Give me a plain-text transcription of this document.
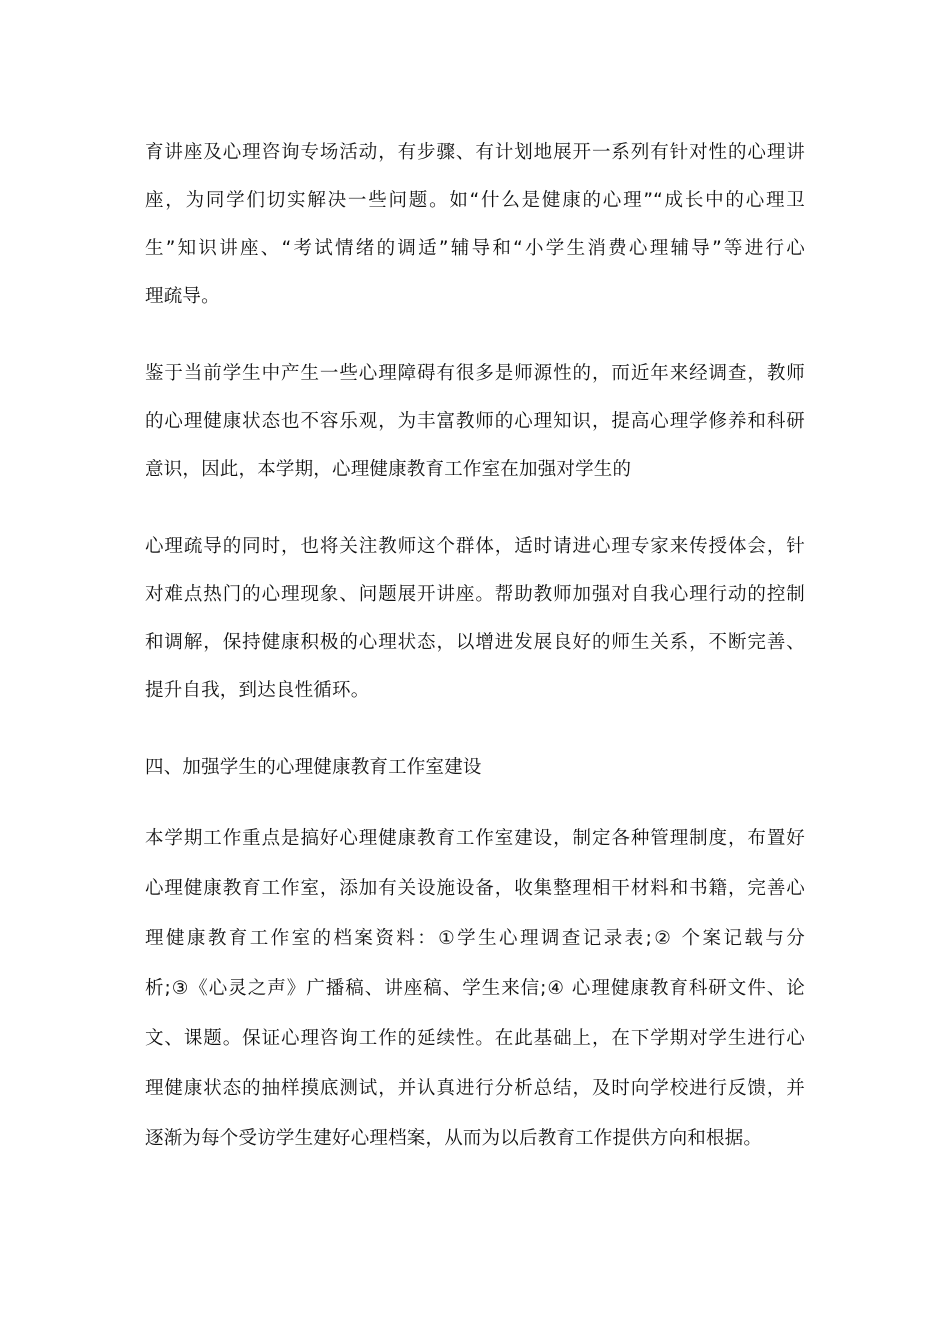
育讲座及心理咨询专场活动，有步骤、有计划地展开一系列有针对性的心理讲
座，为同学们切实解决一些问题。如“什么是健康的心理”“成长中的心理卫
生”知识讲座、“考试情绪的调适”辅导和“小学生消费心理辅导”等进行心
理疏导。
鉴于当前学生中产生一些心理障碍有很多是师源性的，而近年来经调查，教师
的心理健康状态也不容乐观，为丰富教师的心理知识，提高心理学修养和科研
意识，因此，本学期，心理健康教育工作室在加强对学生的
心理疏导的同时，也将关注教师这个群体，适时请进心理专家来传授体会，针
对难点热门的心理现象、问题展开讲座。帮助教师加强对自我心理行动的控制
和调解，保持健康积极的心理状态，以增进发展良好的师生关系，不断完善、
提升自我，到达良性循环。
四、加强学生的心理健康教育工作室建设
本学期工作重点是搞好心理健康教育工作室建设，制定各种管理制度，布置好
心理健康教育工作室，添加有关设施设备，收集整理相干材料和书籍，完善心
理健康教育工作室的档案资料：①学生心理调查记录表;② 个案记载与分
析;③《心灵之声》广播稿、讲座稿、学生来信;④ 心理健康教育科研文件、论
文、课题。保证心理咨询工作的延续性。在此基础上，在下学期对学生进行心
理健康状态的抽样摸底测试，并认真进行分析总结，及时向学校进行反馈，并
逐渐为每个受访学生建好心理档案，从而为以后教育工作提供方向和根据。
